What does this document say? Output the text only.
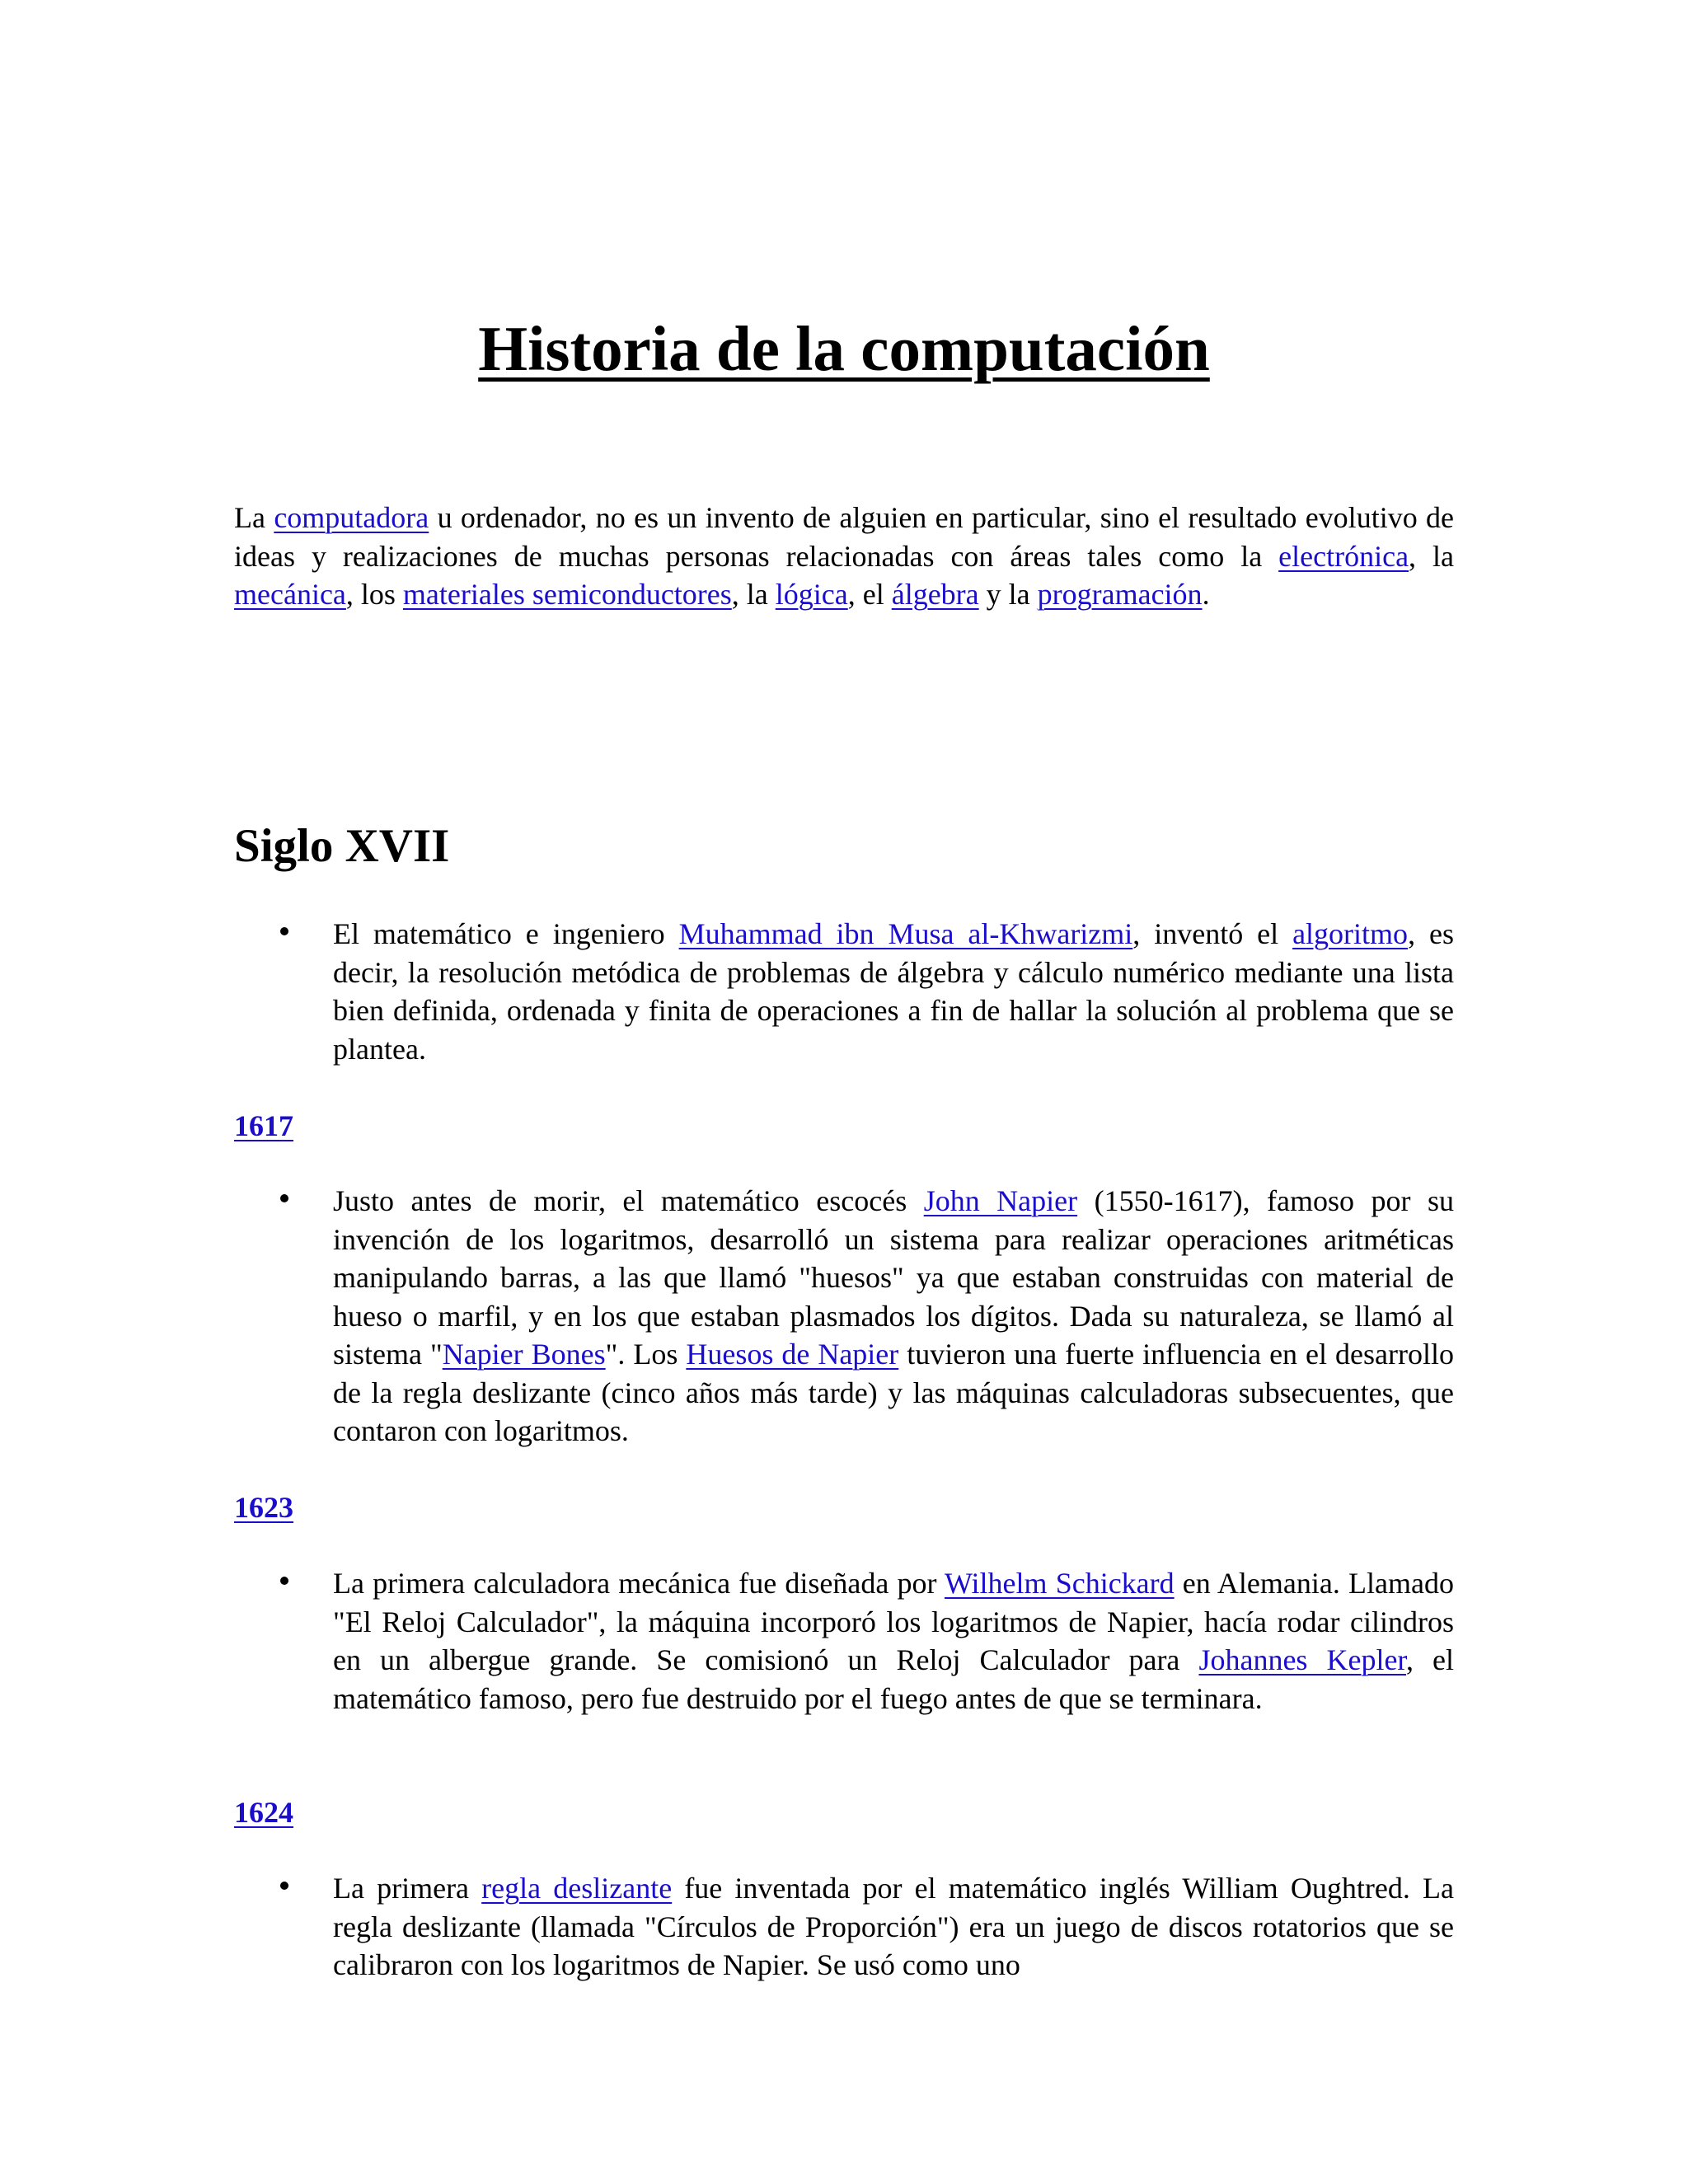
Historia de la computación

La computadora u ordenador, no es un invento de alguien en particular, sino el resultado evolutivo de ideas y realizaciones de muchas personas relacionadas con áreas tales como la electrónica, la mecánica, los materiales semiconductores, la lógica, el álgebra y la programación.

Siglo XVII

El matemático e ingeniero Muhammad ibn Musa al-Khwarizmi, inventó el algoritmo, es decir, la resolución metódica de problemas de álgebra y cálculo numérico mediante una lista bien definida, ordenada y finita de operaciones a fin de hallar la solución al problema que se plantea.

1617

Justo antes de morir, el matemático escocés John Napier (1550-1617), famoso por su invención de los logaritmos, desarrolló un sistema para realizar operaciones aritméticas manipulando barras, a las que llamó "huesos" ya que estaban construidas con material de hueso o marfil, y en los que estaban plasmados los dígitos. Dada su naturaleza, se llamó al sistema "Napier Bones". Los Huesos de Napier tuvieron una fuerte influencia en el desarrollo de la regla deslizante (cinco años más tarde) y las máquinas calculadoras subsecuentes, que contaron con logaritmos.

1623

La primera calculadora mecánica fue diseñada por Wilhelm Schickard en Alemania. Llamado "El Reloj Calculador", la máquina incorporó los logaritmos de Napier, hacía rodar cilindros en un albergue grande. Se comisionó un Reloj Calculador para Johannes Kepler, el matemático famoso, pero fue destruido por el fuego antes de que se terminara.

1624

La primera regla deslizante fue inventada por el matemático inglés William Oughtred. La regla deslizante (llamada "Círculos de Proporción") era un juego de discos rotatorios que se calibraron con los logaritmos de Napier. Se usó como uno
